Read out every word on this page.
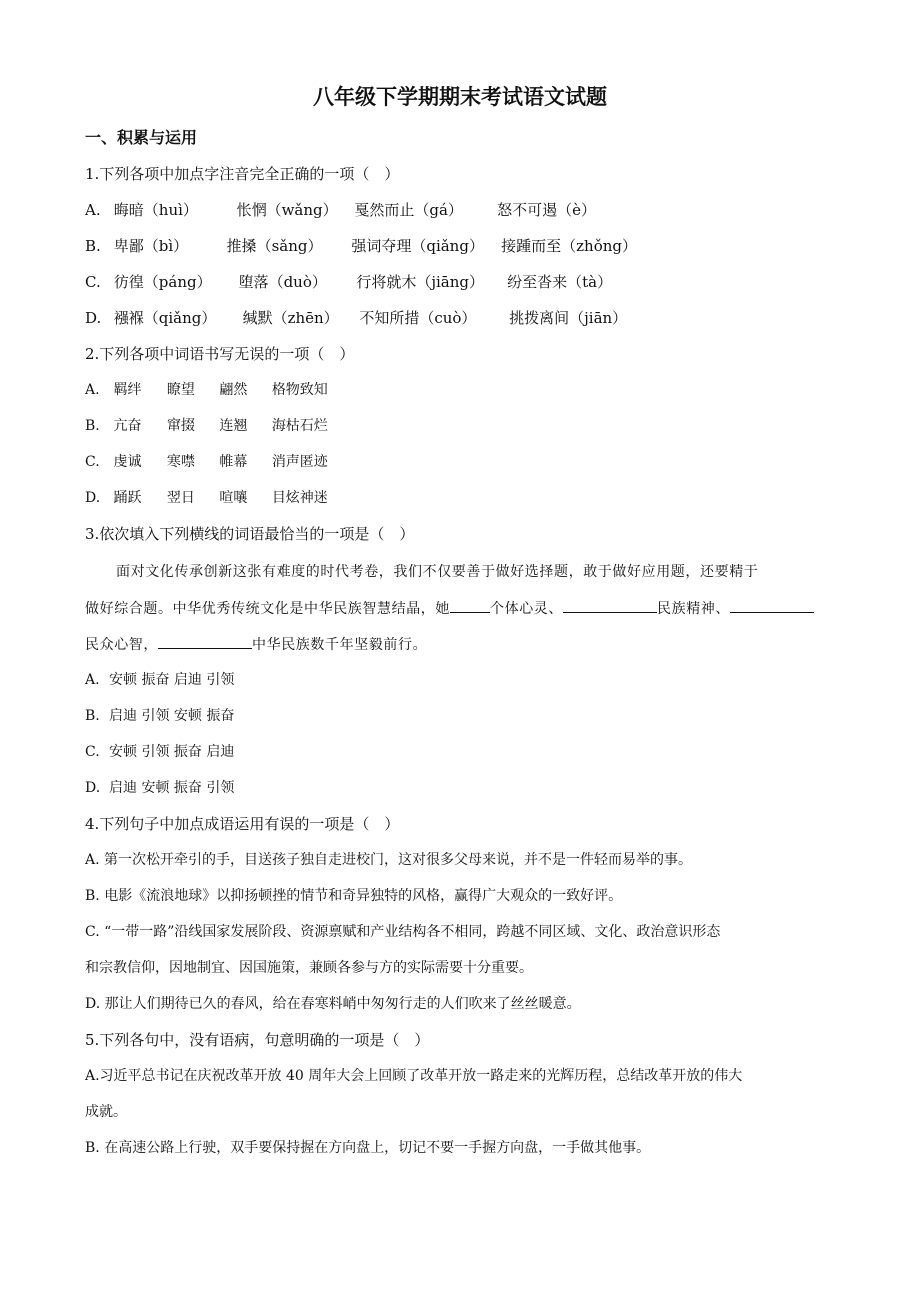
八年级下学期期末考试语文试题
一、积累与运用
1.下列各项中加点字注音完全正确的一项（　）
A. 晦暗（huì）	怅惘（wǎng） 戛然而止（gá） 怒不可遏（è）
B. 卑鄙（bì）	推搡（sǎng） 强词夺理（qiǎng） 接踵而至（zhǒng）
C. 彷徨（páng） 堕落（duò） 行将就木（jiāng） 纷至沓来（tà）
D. 襁褓（qiǎng） 缄默（zhēn） 不知所措（cuò） 挑拨离间（jiān）
2.下列各项中词语书写无误的一项（　）
A. 羁绊 瞭望 翩然 格物致知
B. 亢奋 窜掇 连翘 海枯石烂
C. 虔诚 寒噤 帷幕 消声匿迹
D. 踊跃 翌日 喧嚷 目炫神迷
3.依次填入下列横线的词语最恰当的一项是（　）
面对文化传承创新这张有难度的时代考卷，我们不仅要善于做好选择题，敢于做好应用题，还要精于
做好综合题。中华优秀传统文化是中华民族智慧结晶，她	个体心灵、	民族精神、
民众心智，	中华民族数千年坚毅前行。
A. 安顿 振奋 启迪 引领
B. 启迪 引领 安顿 振奋
C. 安顿 引领 振奋 启迪
D. 启迪 安顿 振奋 引领
4.下列句子中加点成语运用有误的一项是（　）
A. 第一次松开牵引的手，目送孩子独自走进校门，这对很多父母来说，并不是一件轻而易举的事。
B. 电影《流浪地球》以抑扬顿挫的情节和奇异独特的风格，赢得广大观众的一致好评。
C. “一带一路”沿线国家发展阶段、资源禀赋和产业结构各不相同，跨越不同区域、文化、政治意识形态
和宗教信仰，因地制宜、因国施策，兼顾各参与方的实际需要十分重要。
D. 那让人们期待已久的春风，给在春寒料峭中匆匆行走的人们吹来了丝丝暖意。
5.下列各句中，没有语病，句意明确的一项是（　）
A.习近平总书记在庆祝改革开放 40 周年大会上回顾了改革开放一路走来的光辉历程，总结改革开放的伟大
成就。
B. 在高速公路上行驶，双手要保持握在方向盘上，切记不要一手握方向盘，一手做其他事。
